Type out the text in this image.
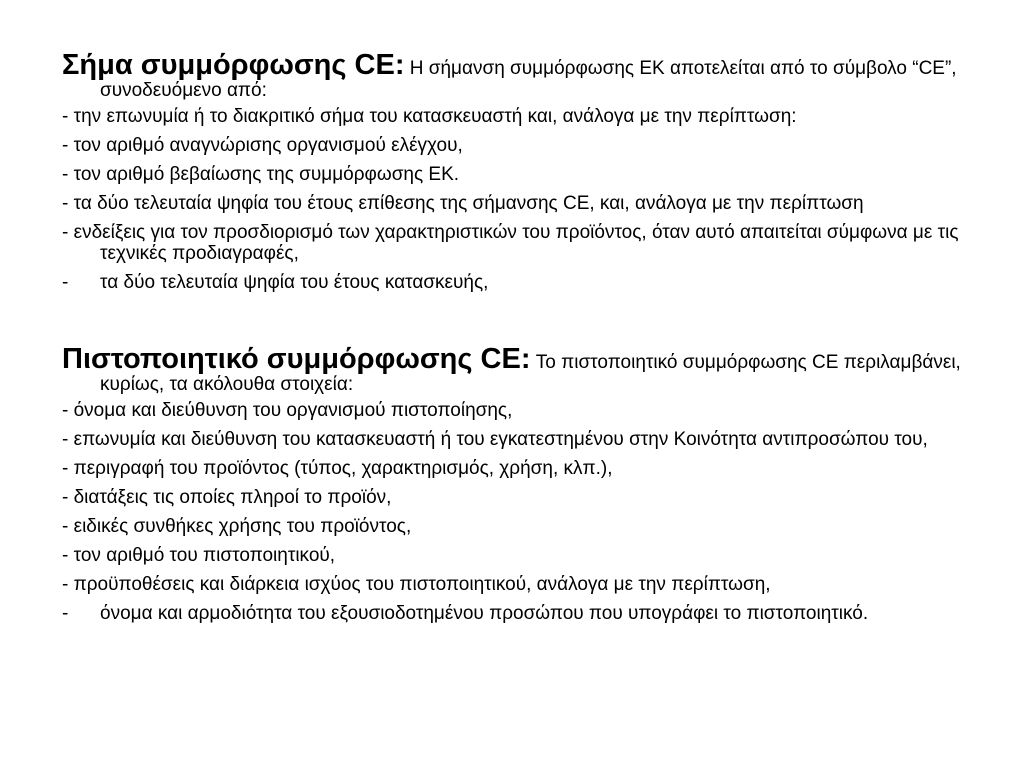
Σήμα συμμόρφωσης CE: Η σήμανση συμμόρφωσης ΕΚ αποτελείται από το σύμβολο “CE”, συνοδευόμενο από:

- την επωνυμία ή το διακριτικό σήμα του κατασκευαστή και, ανάλογα με την περίπτωση:
- τον αριθμό αναγνώρισης οργανισμού ελέγχου,
- τον αριθμό βεβαίωσης της συμμόρφωσης ΕΚ.
- τα δύο τελευταία ψηφία του έτους επίθεσης της σήμανσης CE, και, ανάλογα με την περίπτωση
- ενδείξεις για τον προσδιορισμό των χαρακτηριστικών του προϊόντος, όταν αυτό απαιτείται σύμφωνα με τις τεχνικές προδιαγραφές,
- τα δύο τελευταία ψηφία του έτους κατασκευής,

Πιστοποιητικό συμμόρφωσης CE: Το πιστοποιητικό συμμόρφωσης CE περιλαμβάνει, κυρίως, τα ακόλουθα στοιχεία:

- όνομα και διεύθυνση του οργανισμού πιστοποίησης,
- επωνυμία και διεύθυνση του κατασκευαστή ή του εγκατεστημένου στην Κοινότητα αντιπροσώπου του,
- περιγραφή του προϊόντος (τύπος, χαρακτηρισμός, χρήση, κλπ.),
- διατάξεις τις οποίες πληροί το προϊόν,
- ειδικές συνθήκες χρήσης του προϊόντος,
- τον αριθμό του πιστοποιητικού,
- προϋποθέσεις και διάρκεια ισχύος του πιστοποιητικού, ανάλογα με την περίπτωση,
- όνομα και αρμοδιότητα του εξουσιοδοτημένου προσώπου που υπογράφει το πιστοποιητικό.
